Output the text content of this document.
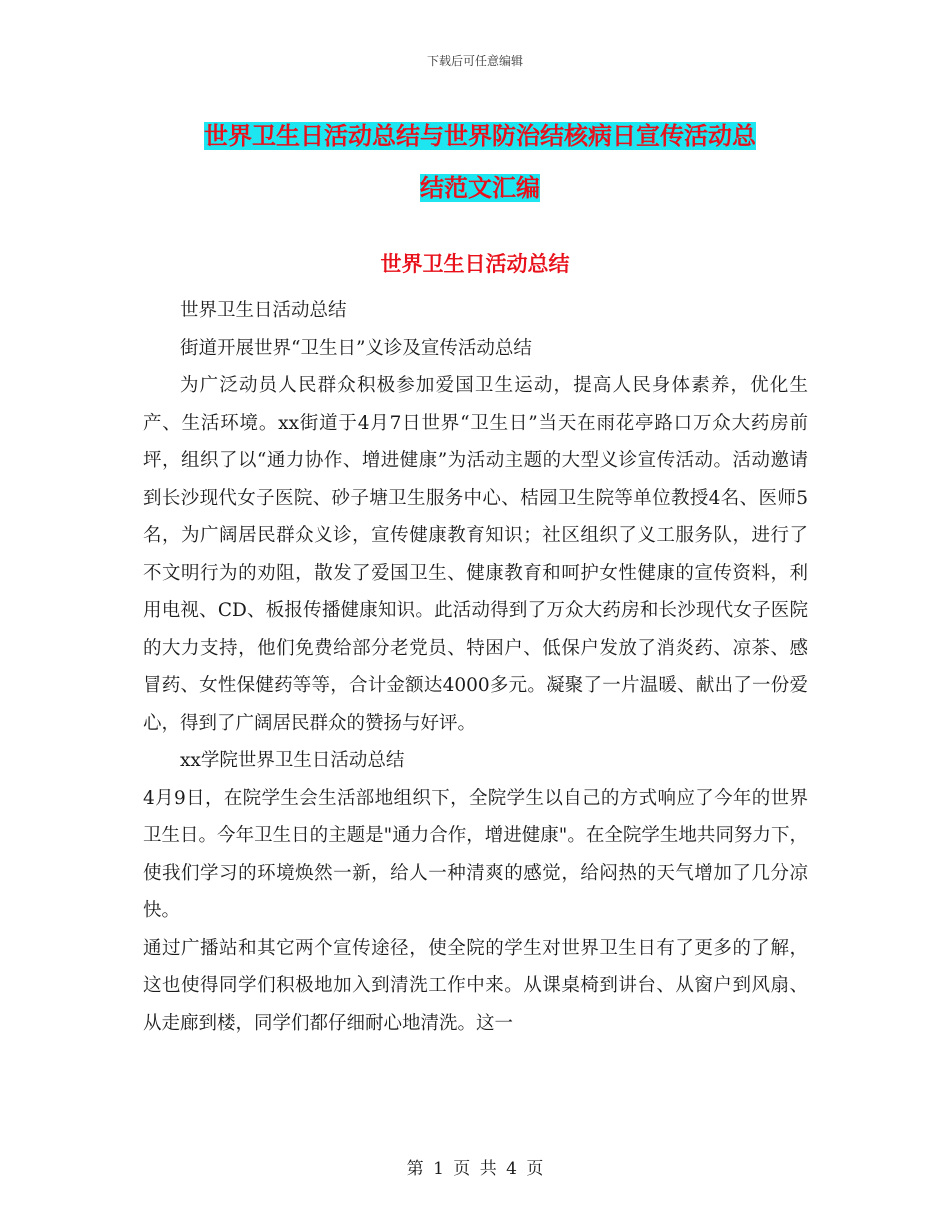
下载后可任意编辑
世界卫生日活动总结与世界防治结核病日宣传活动总
结范文汇编
世界卫生日活动总结

世界卫生日活动总结

街道开展世界“卫生日”义诊及宣传活动总结

为广泛动员人民群众积极参加爱国卫生运动，提高人民身体素养，优化生产、生活环境。xx街道于4月7日世界“卫生日”当天在雨花亭路口万众大药房前坪，组织了以“通力协作、增进健康”为活动主题的大型义诊宣传活动。活动邀请到长沙现代女子医院、砂子塘卫生服务中心、桔园卫生院等单位教授4名、医师5名，为广阔居民群众义诊，宣传健康教育知识；社区组织了义工服务队，进行了不文明行为的劝阻，散发了爱国卫生、健康教育和呵护女性健康的宣传资料，利用电视、CD、板报传播健康知识。此活动得到了万众大药房和长沙现代女子医院的大力支持，他们免费给部分老党员、特困户、低保户发放了消炎药、凉茶、感冒药、女性保健药等等，合计金额达4000多元。凝聚了一片温暖、献出了一份爱心，得到了广阔居民群众的赞扬与好评。

xx学院世界卫生日活动总结

4月9日，在院学生会生活部地组织下，全院学生以自己的方式响应了今年的世界卫生日。今年卫生日的主题是"通力合作，增进健康"。在全院学生地共同努力下，使我们学习的环境焕然一新，给人一种清爽的感觉，给闷热的天气增加了几分凉快。

通过广播站和其它两个宣传途径，使全院的学生对世界卫生日有了更多的了解，这也使得同学们积极地加入到清洗工作中来。从课桌椅到讲台、从窗户到风扇、从走廊到楼，同学们都仔细耐心地清洗。这一

第 1 页 共 4 页
